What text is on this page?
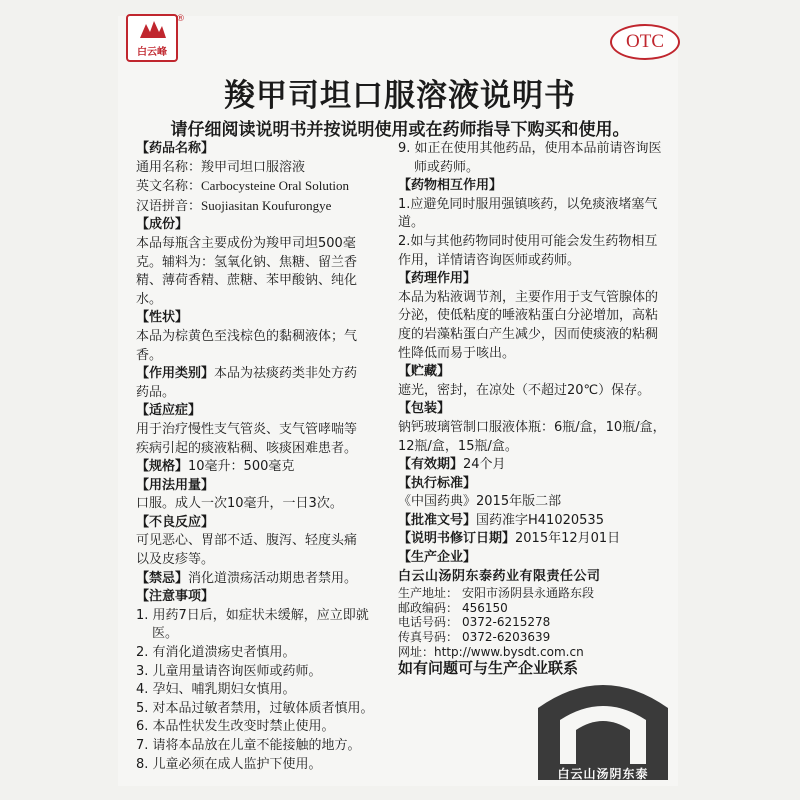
白云峰
®
OTC
羧甲司坦口服溶液说明书
请仔细阅读说明书并按说明使用或在药师指导下购买和使用。

【药品名称】

通用名称：羧甲司坦口服溶液

英文名称：Carbocysteine Oral Solution

汉语拼音：Suojiasitan Koufurongye

【成份】

本品每瓶含主要成份为羧甲司坦500毫

克。辅料为：氢氧化钠、焦糖、留兰香

精、薄荷香精、蔗糖、苯甲酸钠、纯化

水。

【性状】

本品为棕黄色至浅棕色的黏稠液体；气

香。

【作用类别】本品为祛痰药类非处方药

药品。

【适应症】

用于治疗慢性支气管炎、支气管哮喘等

疾病引起的痰液粘稠、咳痰困难患者。

【规格】10毫升：500毫克

【用法用量】

口服。成人一次10毫升，一日3次。

【不良反应】

可见恶心、胃部不适、腹泻、轻度头痛

以及皮疹等。

【禁忌】消化道溃疡活动期患者禁用。

【注意事项】

1. 用药7日后，如症状未缓解，应立即就医。

2. 有消化道溃疡史者慎用。

3. 儿童用量请咨询医师或药师。

4. 孕妇、哺乳期妇女慎用。

5. 对本品过敏者禁用，过敏体质者慎用。

6. 本品性状发生改变时禁止使用。

7. 请将本品放在儿童不能接触的地方。

8. 儿童必须在成人监护下使用。

9. 如正在使用其他药品，使用本品前请咨询医师或药师。

【药物相互作用】

1.应避免同时服用强镇咳药，以免痰液堵塞气道。

2.如与其他药物同时使用可能会发生药物相互作用，详情请咨询医师或药师。

【药理作用】

本品为粘液调节剂，主要作用于支气管腺体的分泌，使低粘度的唾液粘蛋白分泌增加，高粘度的岩藻粘蛋白产生减少，因而使痰液的粘稠性降低而易于咳出。

【贮藏】

遮光，密封，在凉处（不超过20℃）保存。

【包装】

钠钙玻璃管制口服液体瓶：6瓶/盒，10瓶/盒，12瓶/盒，15瓶/盒。

【有效期】24个月

【执行标准】

《中国药典》2015年版二部

【批准文号】国药准字H41020535

【说明书修订日期】2015年12月01日

【生产企业】

白云山汤阴东泰药业有限责任公司

生产地址： 安阳市汤阴县永通路东段

邮政编码： 456150

电话号码： 0372-6215278

传真号码： 0372-6203639

网址：http://www.bysdt.com.cn

如有问题可与生产企业联系

白云山汤阴东泰
